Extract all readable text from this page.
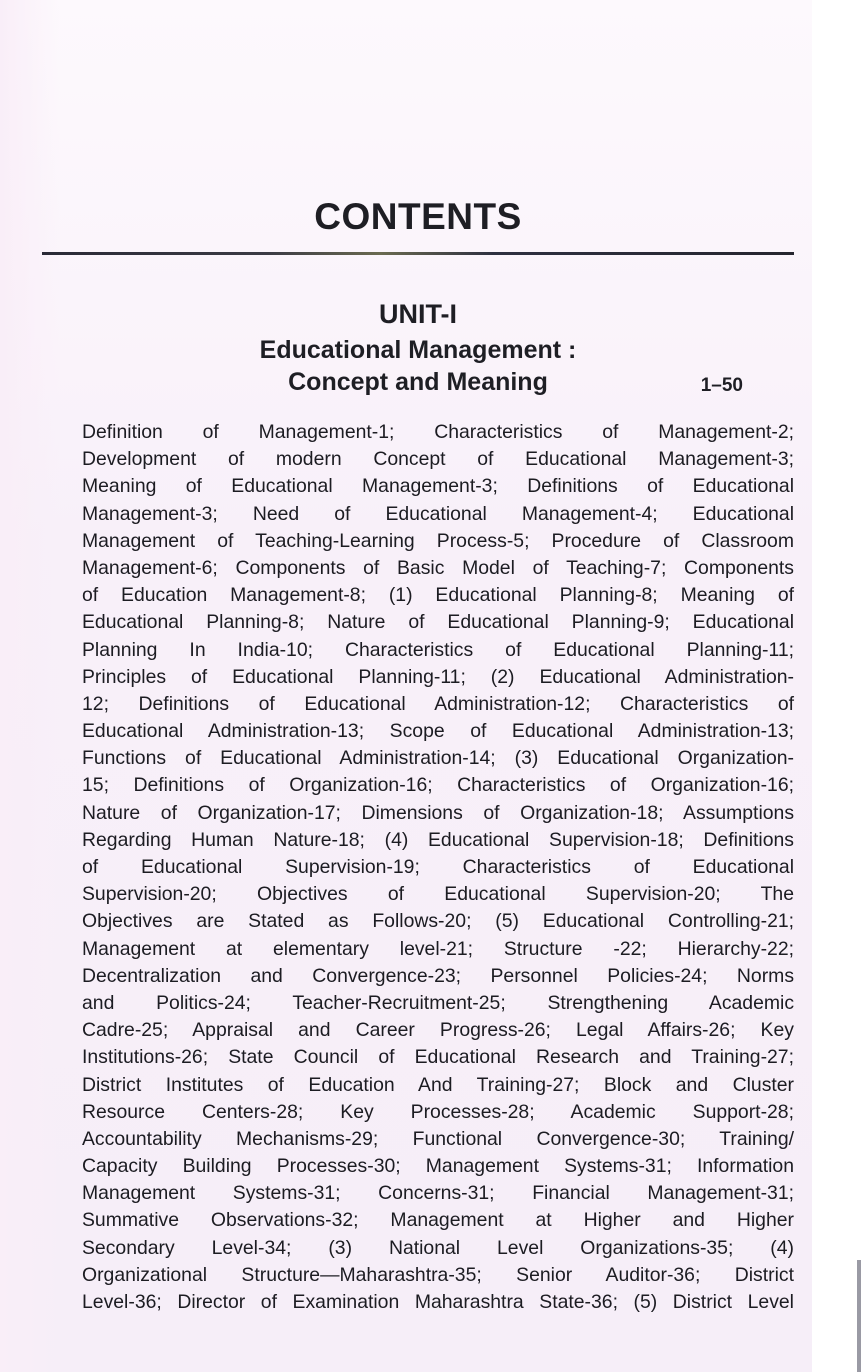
CONTENTS
UNIT-I
Educational Management :
Concept and Meaning	1–50
Definition of Management-1; Characteristics of Management-2;
Development of modern Concept of Educational Management-3;
Meaning of Educational Management-3; Definitions of Educational
Management-3; Need of Educational Management-4; Educational
Management of Teaching-Learning Process-5; Procedure of Classroom
Management-6; Components of Basic Model of Teaching-7; Components
of Education Management-8; (1) Educational Planning-8; Meaning of
Educational Planning-8; Nature of Educational Planning-9; Educational
Planning In India-10; Characteristics of Educational Planning-11;
Principles of Educational Planning-11; (2) Educational Administration-
12; Definitions of Educational Administration-12; Characteristics of
Educational Administration-13; Scope of Educational Administration-13;
Functions of Educational Administration-14; (3) Educational Organization-
15; Definitions of Organization-16; Characteristics of Organization-16;
Nature of Organization-17; Dimensions of Organization-18; Assumptions
Regarding Human Nature-18; (4) Educational Supervision-18; Definitions
of Educational Supervision-19; Characteristics of Educational
Supervision-20; Objectives of Educational Supervision-20; The
Objectives are Stated as Follows-20; (5) Educational Controlling-21;
Management at elementary level-21; Structure -22; Hierarchy-22;
Decentralization and Convergence-23; Personnel Policies-24; Norms
and Politics-24; Teacher-Recruitment-25; Strengthening Academic
Cadre-25; Appraisal and Career Progress-26; Legal Affairs-26; Key
Institutions-26; State Council of Educational Research and Training-27;
District Institutes of Education And Training-27; Block and Cluster
Resource Centers-28; Key Processes-28; Academic Support-28;
Accountability Mechanisms-29; Functional Convergence-30; Training/
Capacity Building Processes-30; Management Systems-31; Information
Management Systems-31; Concerns-31; Financial Management-31;
Summative Observations-32; Management at Higher and Higher
Secondary Level-34; (3) National Level Organizations-35; (4)
Organizational Structure—Maharashtra-35; Senior Auditor-36; District
Level-36; Director of Examination Maharashtra State-36; (5) District Level
